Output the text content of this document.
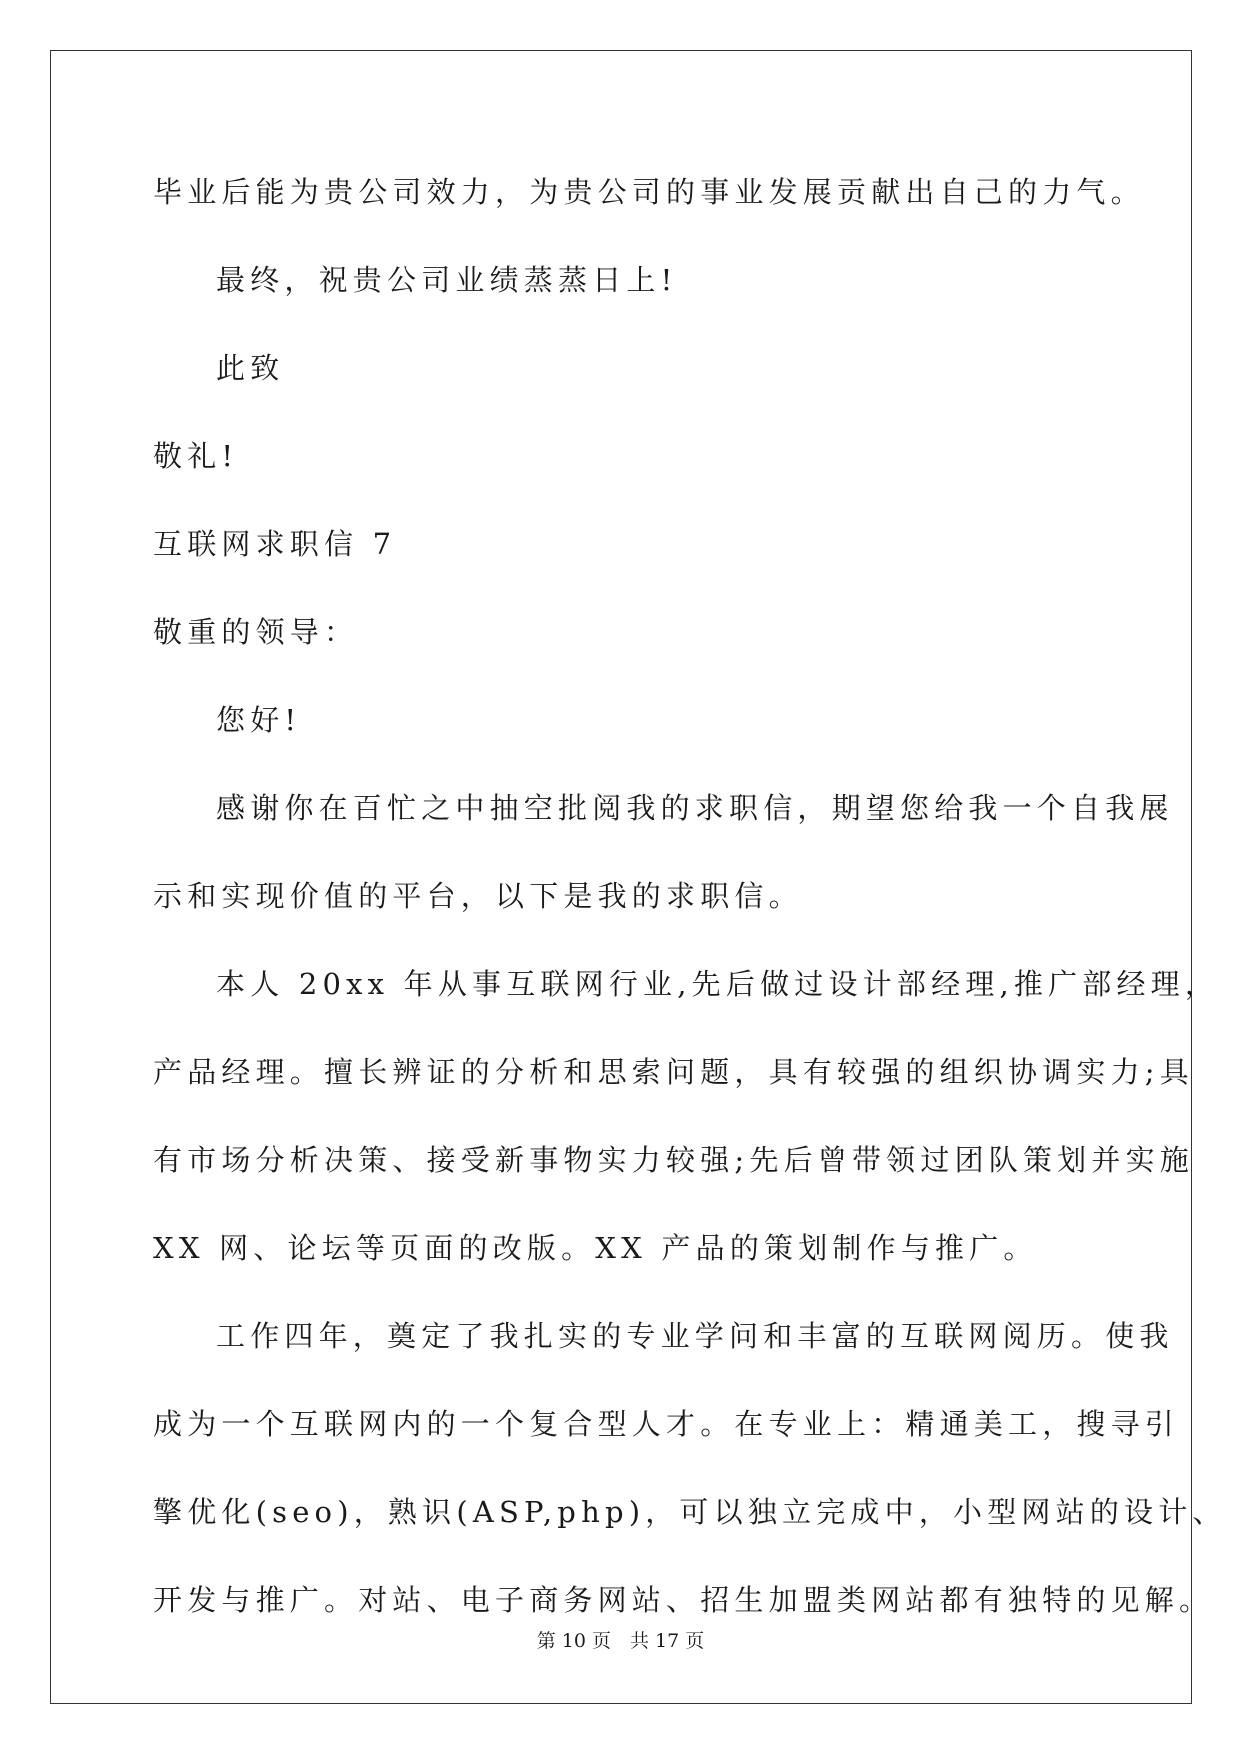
毕业后能为贵公司效力，为贵公司的事业发展贡献出自己的力气。
最终，祝贵公司业绩蒸蒸日上!
此致
敬礼!
互联网求职信 7
敬重的领导：
您好!
感谢你在百忙之中抽空批阅我的求职信，期望您给我一个自我展
示和实现价值的平台，以下是我的求职信。
本人 20xx 年从事互联网行业,先后做过设计部经理,推广部经理，
产品经理。擅长辨证的分析和思索问题，具有较强的组织协调实力;具
有市场分析决策、接受新事物实力较强;先后曾带领过团队策划并实施
XX 网、论坛等页面的改版。XX 产品的策划制作与推广。
工作四年，奠定了我扎实的专业学问和丰富的互联网阅历。使我
成为一个互联网内的一个复合型人才。在专业上：精通美工，搜寻引
擎优化(seo)，熟识(ASP,php)，可以独立完成中，小型网站的设计、
开发与推广。对站、电子商务网站、招生加盟类网站都有独特的见解。
第 10 页　共 17 页
